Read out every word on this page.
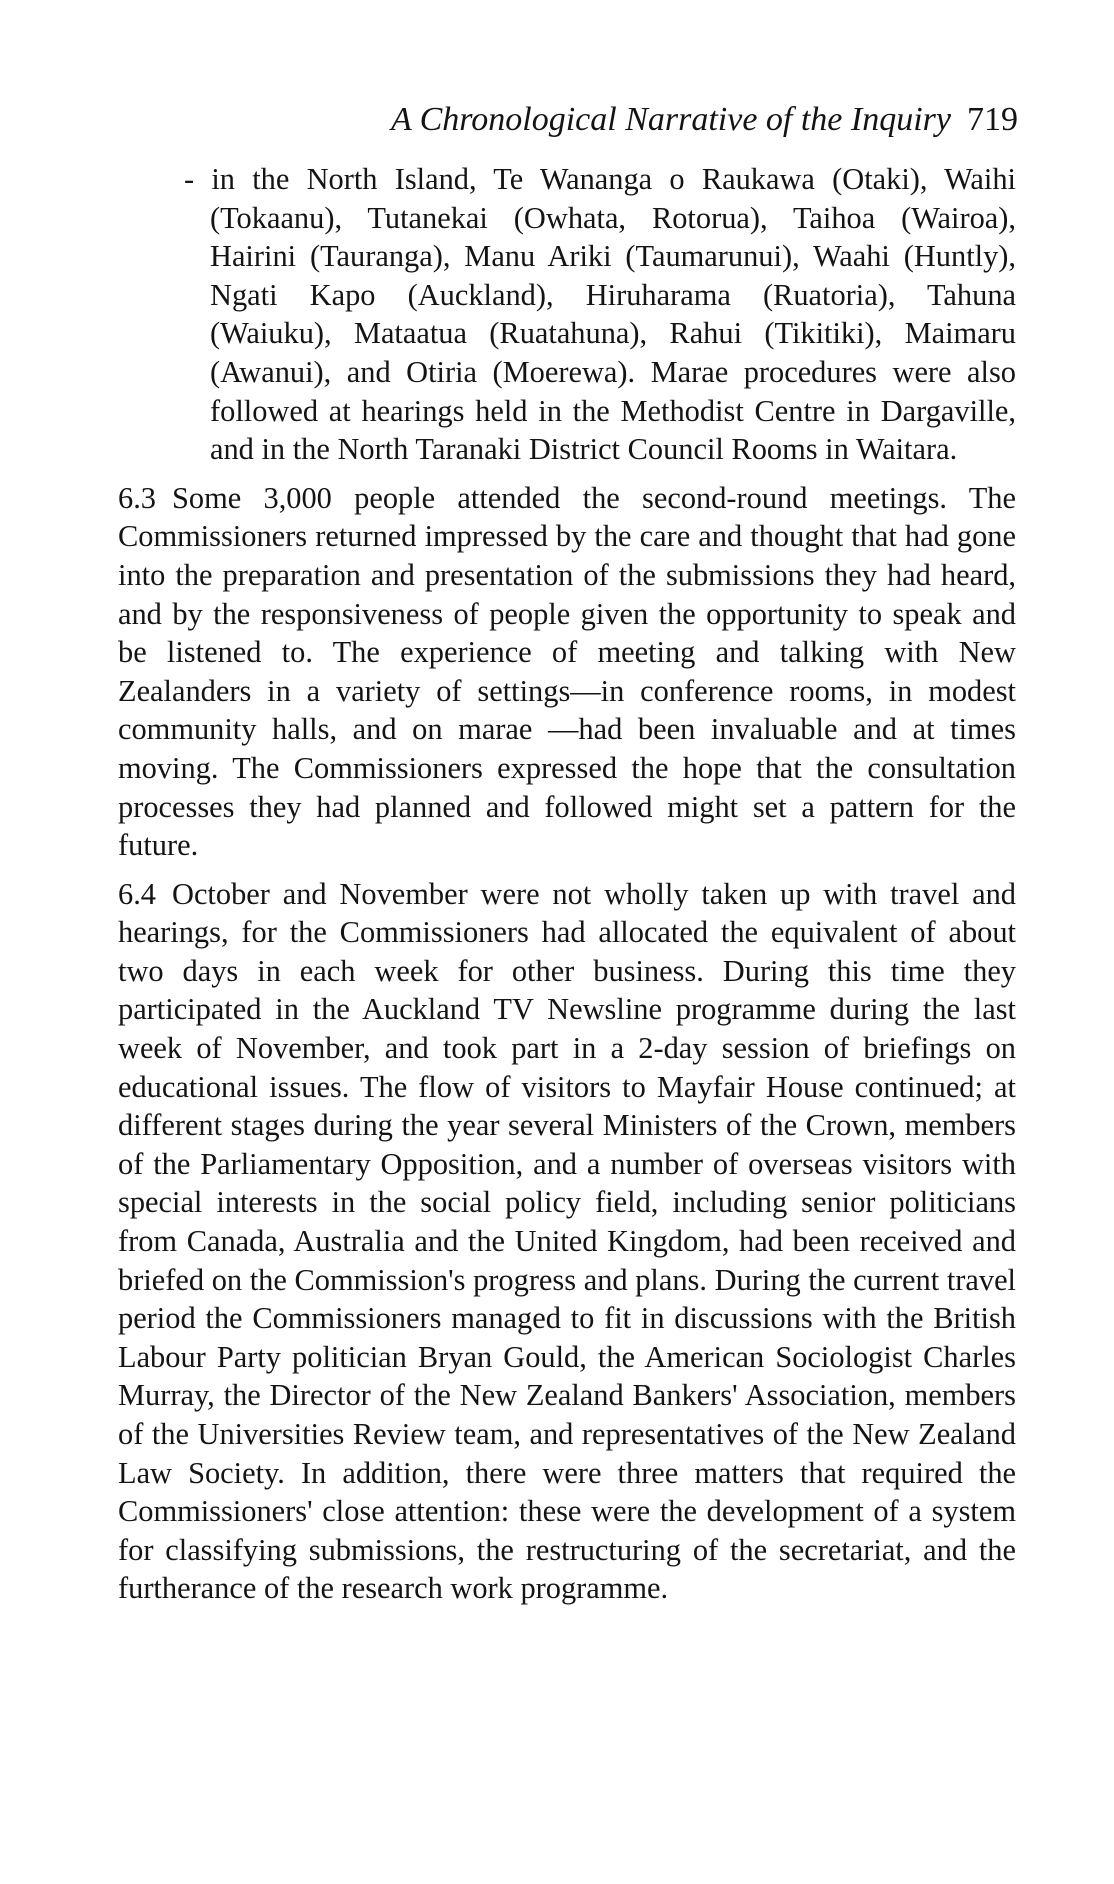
A Chronological Narrative of the Inquiry 719

- in the North Island, Te Wananga o Raukawa (Otaki), Waihi (Tokaanu), Tutanekai (Owhata, Rotorua), Taihoa (Wairoa), Hairini (Tauranga), Manu Ariki (Taumarunui), Waahi (Huntly), Ngati Kapo (Auckland), Hiruharama (Ruatoria), Tahuna (Waiuku), Mataatua (Ruatahuna), Rahui (Tikitiki), Maimaru (Awanui), and Otiria (Moerewa). Marae procedures were also followed at hearings held in the Methodist Centre in Dargaville, and in the North Taranaki District Council Rooms in Waitara.

6.3 Some 3,000 people attended the second-round meetings. The Commissioners returned impressed by the care and thought that had gone into the preparation and presentation of the submissions they had heard, and by the responsiveness of people given the opportunity to speak and be listened to. The experience of meeting and talking with New Zealanders in a variety of settings—in conference rooms, in modest community halls, and on marae —had been invaluable and at times moving. The Commissioners expressed the hope that the consultation processes they had planned and followed might set a pattern for the future.

6.4 October and November were not wholly taken up with travel and hearings, for the Commissioners had allocated the equivalent of about two days in each week for other business. During this time they participated in the Auckland TV Newsline programme during the last week of November, and took part in a 2-day session of briefings on educational issues. The flow of visitors to Mayfair House continued; at different stages during the year several Ministers of the Crown, members of the Parliamentary Opposition, and a number of overseas visitors with special interests in the social policy field, including senior politicians from Canada, Australia and the United Kingdom, had been received and briefed on the Commission's progress and plans. During the current travel period the Commissioners managed to fit in discussions with the British Labour Party politician Bryan Gould, the American Sociologist Charles Murray, the Director of the New Zealand Bankers' Association, members of the Universities Review team, and representatives of the New Zealand Law Society. In addition, there were three matters that required the Commissioners' close attention: these were the development of a system for classifying submissions, the restructuring of the secretariat, and the furtherance of the research work programme.
